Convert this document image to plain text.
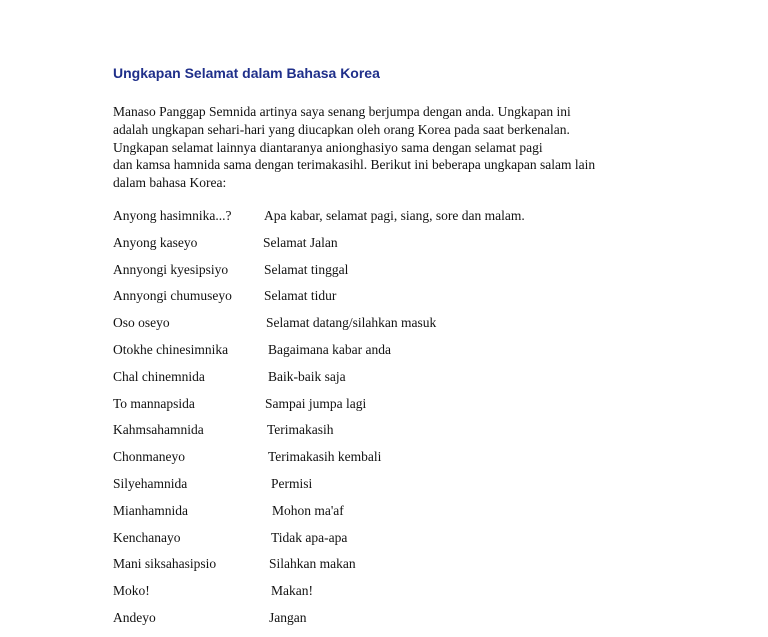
Ungkapan Selamat dalam Bahasa Korea
Manaso Panggap Semnida artinya saya senang berjumpa dengan anda. Ungkapan ini
adalah ungkapan sehari-hari yang diucapkan oleh orang Korea pada saat berkenalan.
Ungkapan selamat lainnya diantaranya anionghasiyo sama dengan selamat pagi
dan kamsa hamnida sama dengan terimakasihl. Berikut ini beberapa ungkapan salam lain
dalam bahasa Korea:
Anyong hasimnika...? Apa kabar, selamat pagi, siang, sore dan malam.
Anyong kaseyo	Selamat Jalan
Annyongi kyesipsiyo	Selamat tinggal
Annyongi chumuseyo Selamat tidur
Oso oseyo	Selamat datang/silahkan masuk
Otokhe chinesimnika	Bagaimana kabar anda
Chal chinemnida	Baik-baik saja
To mannapsida	Sampai jumpa lagi
Kahmsahamnida	Terimakasih
Chonmaneyo	Terimakasih kembali
Silyehamnida	Permisi
Mianhamnida	Mohon ma'af
Kenchanayo	Tidak apa-apa
Mani siksahasipsio	Silahkan makan
Moko!	Makan!
Andeyo	Jangan
